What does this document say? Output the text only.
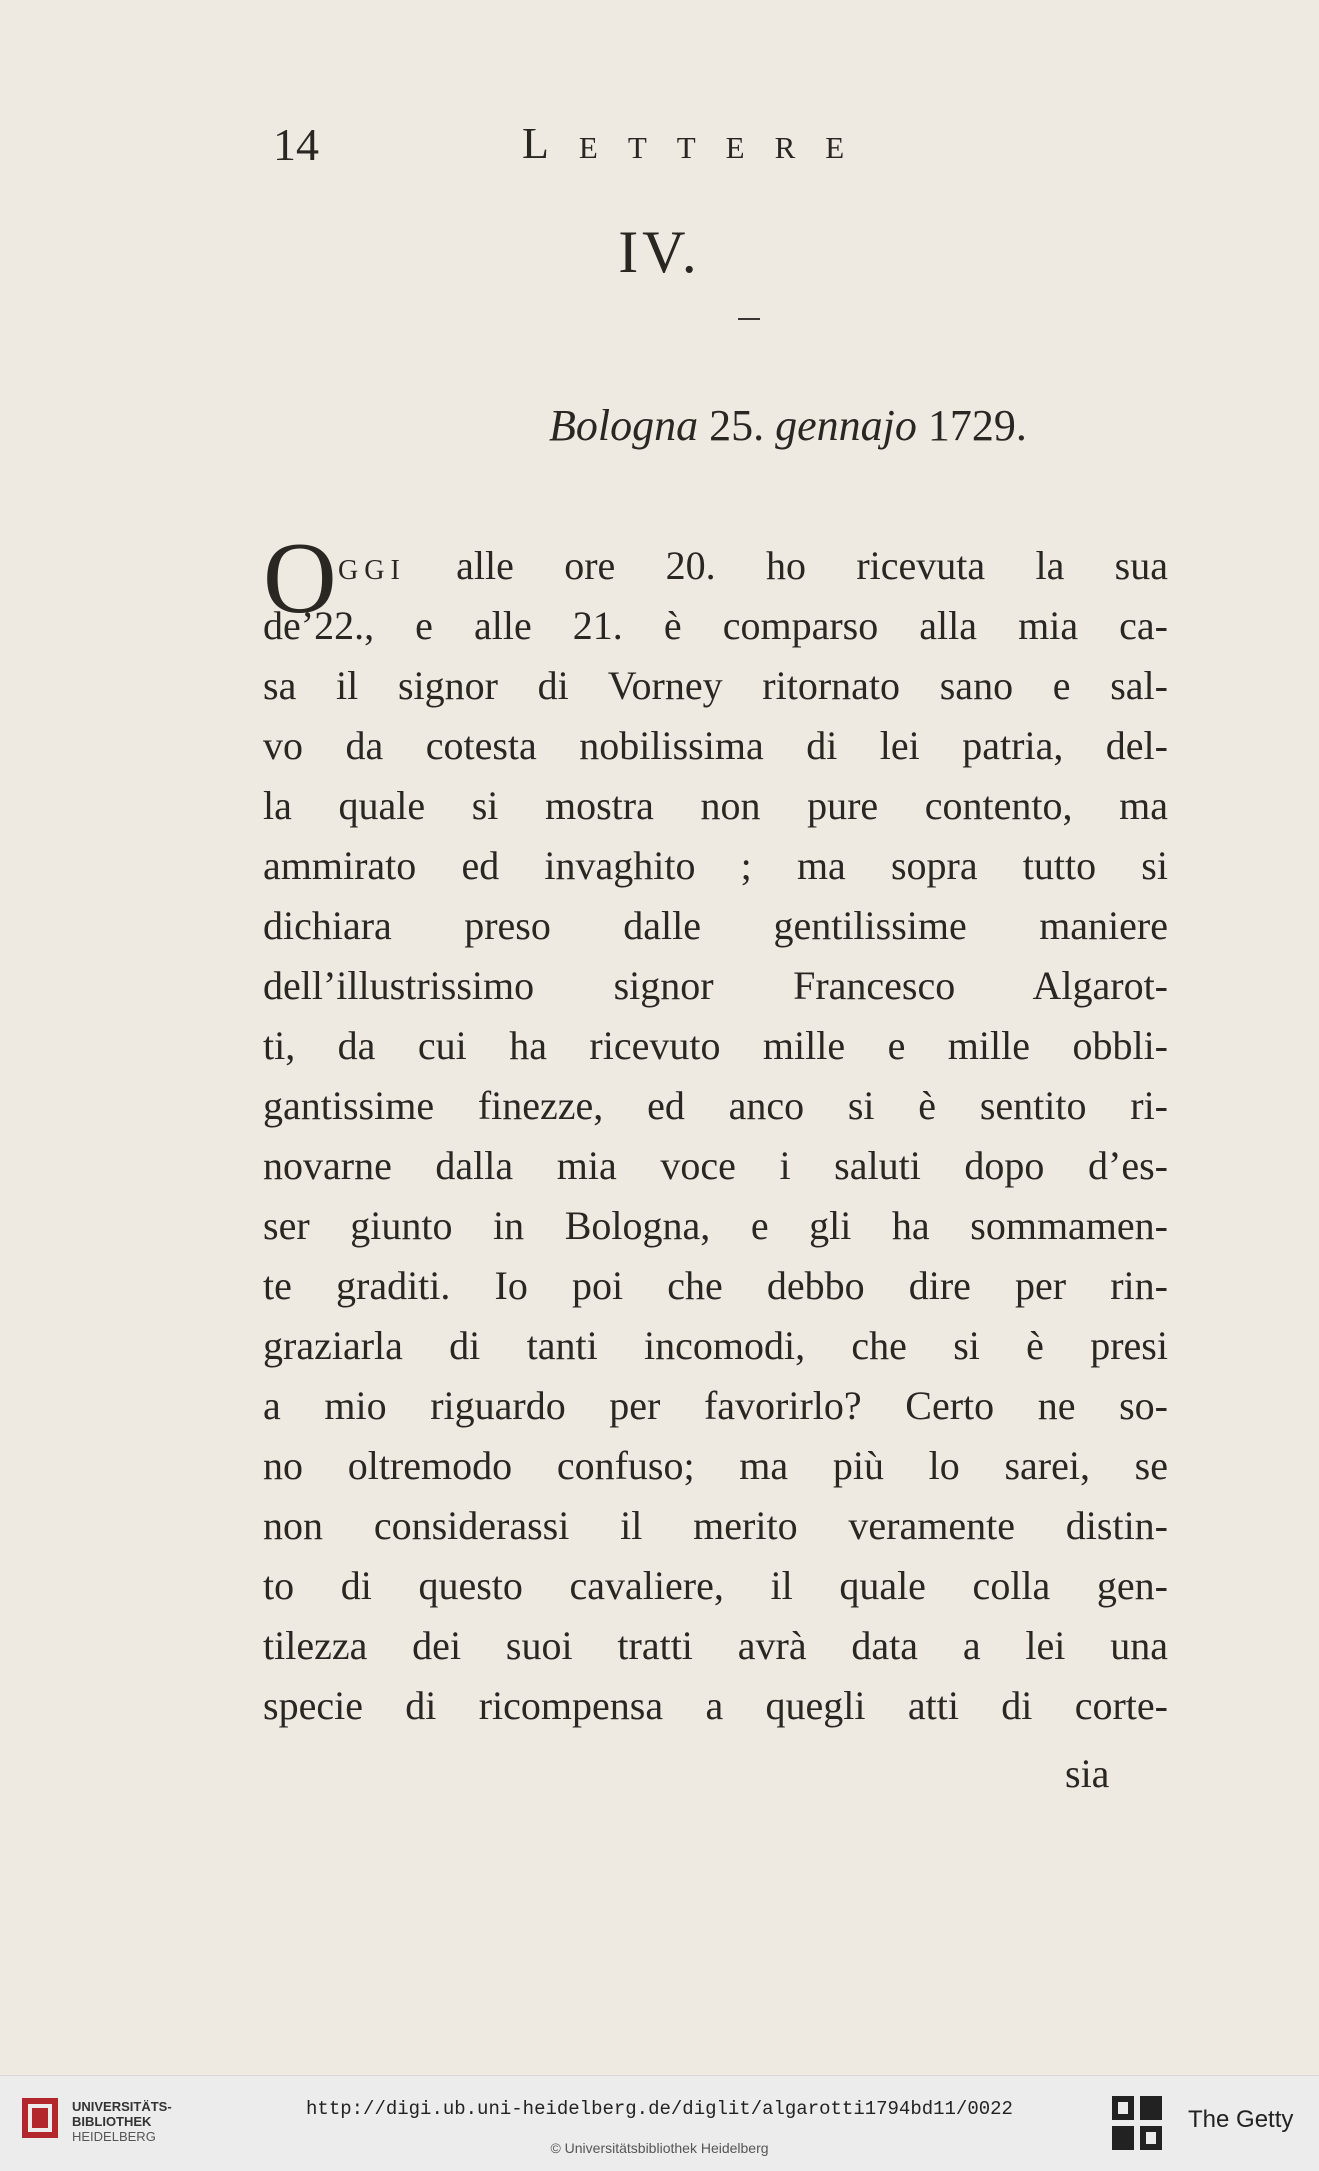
14	Lettere
IV.
Bologna 25. gennajo 1729.
O ggi alle ore 20. ho ricevuta la sua
de’22., e alle 21. è comparso alla mia ca-
sa il signor di Vorney ritornato sano e sal-
vo da cotesta nobilissima di lei patria, del-
la quale si mostra non pure contento, ma
ammirato ed invaghito ; ma sopra tutto si
dichiara preso dalle gentilissime maniere
dell’illustrissimo signor Francesco Algarot-
ti, da cui ha ricevuto mille e mille obbli-
gantissime finezze, ed anco si è sentito ri-
novarne dalla mia voce i saluti dopo d’es-
ser giunto in Bologna, e gli ha sommamen-
te graditi. Io poi che debbo dire per rin-
graziarla di tanti incomodi, che si è presi
a mio riguardo per favorirlo? Certo ne so-
no oltremodo confuso; ma più lo sarei, se
non considerassi il merito veramente distin-
to di questo cavaliere, il quale colla gen-
tilezza dei suoi tratti avrà data a lei una
specie di ricompensa a quegli atti di corte-
sia
UNIVERSITÄTS-
BIBLIOTHEK
HEIDELBERG
http://digi.ub.uni-heidelberg.de/diglit/algarotti1794bd11/0022
© Universitätsbibliothek Heidelberg
The Getty
